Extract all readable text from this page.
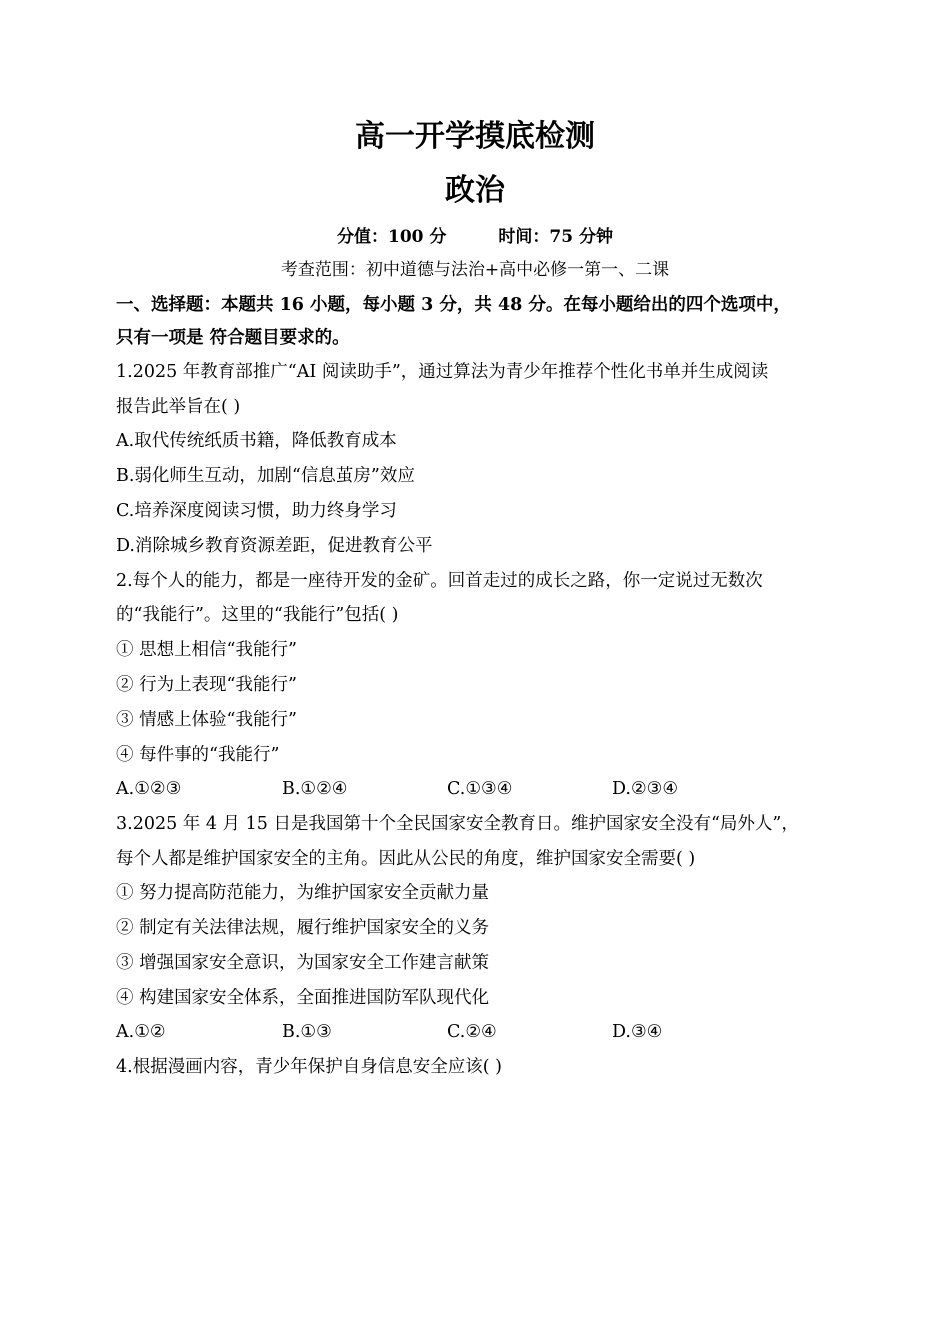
高一开学摸底检测
政治
分值：100 分	时间：75 分钟
考查范围：初中道德与法治+高中必修一第一、二课
一、选择题：本题共 16 小题，每小题 3 分，共 48 分。在每小题给出的四个选项中，
只有一项是 符合题目要求的。
1.2025 年教育部推广“AI 阅读助手”，通过算法为青少年推荐个性化书单并生成阅读
报告此举旨在( )
A.取代传统纸质书籍，降低教育成本
B.弱化师生互动，加剧“信息茧房”效应
C.培养深度阅读习惯，助力终身学习
D.消除城乡教育资源差距，促进教育公平
2.每个人的能力，都是一座待开发的金矿。回首走过的成长之路，你一定说过无数次
的“我能行”。这里的“我能行”包括( )
① 思想上相信“我能行”
② 行为上表现“我能行”
③ 情感上体验“我能行”
④ 每件事的“我能行”
A.①②③	B.①②④	C.①③④	D.②③④
3.2025 年 4 月 15 日是我国第十个全民国家安全教育日。维护国家安全没有“局外人”，
每个人都是维护国家安全的主角。因此从公民的角度，维护国家安全需要( )
① 努力提高防范能力，为维护国家安全贡献力量
② 制定有关法律法规，履行维护国家安全的义务
③ 增强国家安全意识，为国家安全工作建言献策
④ 构建国家安全体系，全面推进国防军队现代化
A.①②	B.①③	C.②④	D.③④
4.根据漫画内容，青少年保护自身信息安全应该( )
